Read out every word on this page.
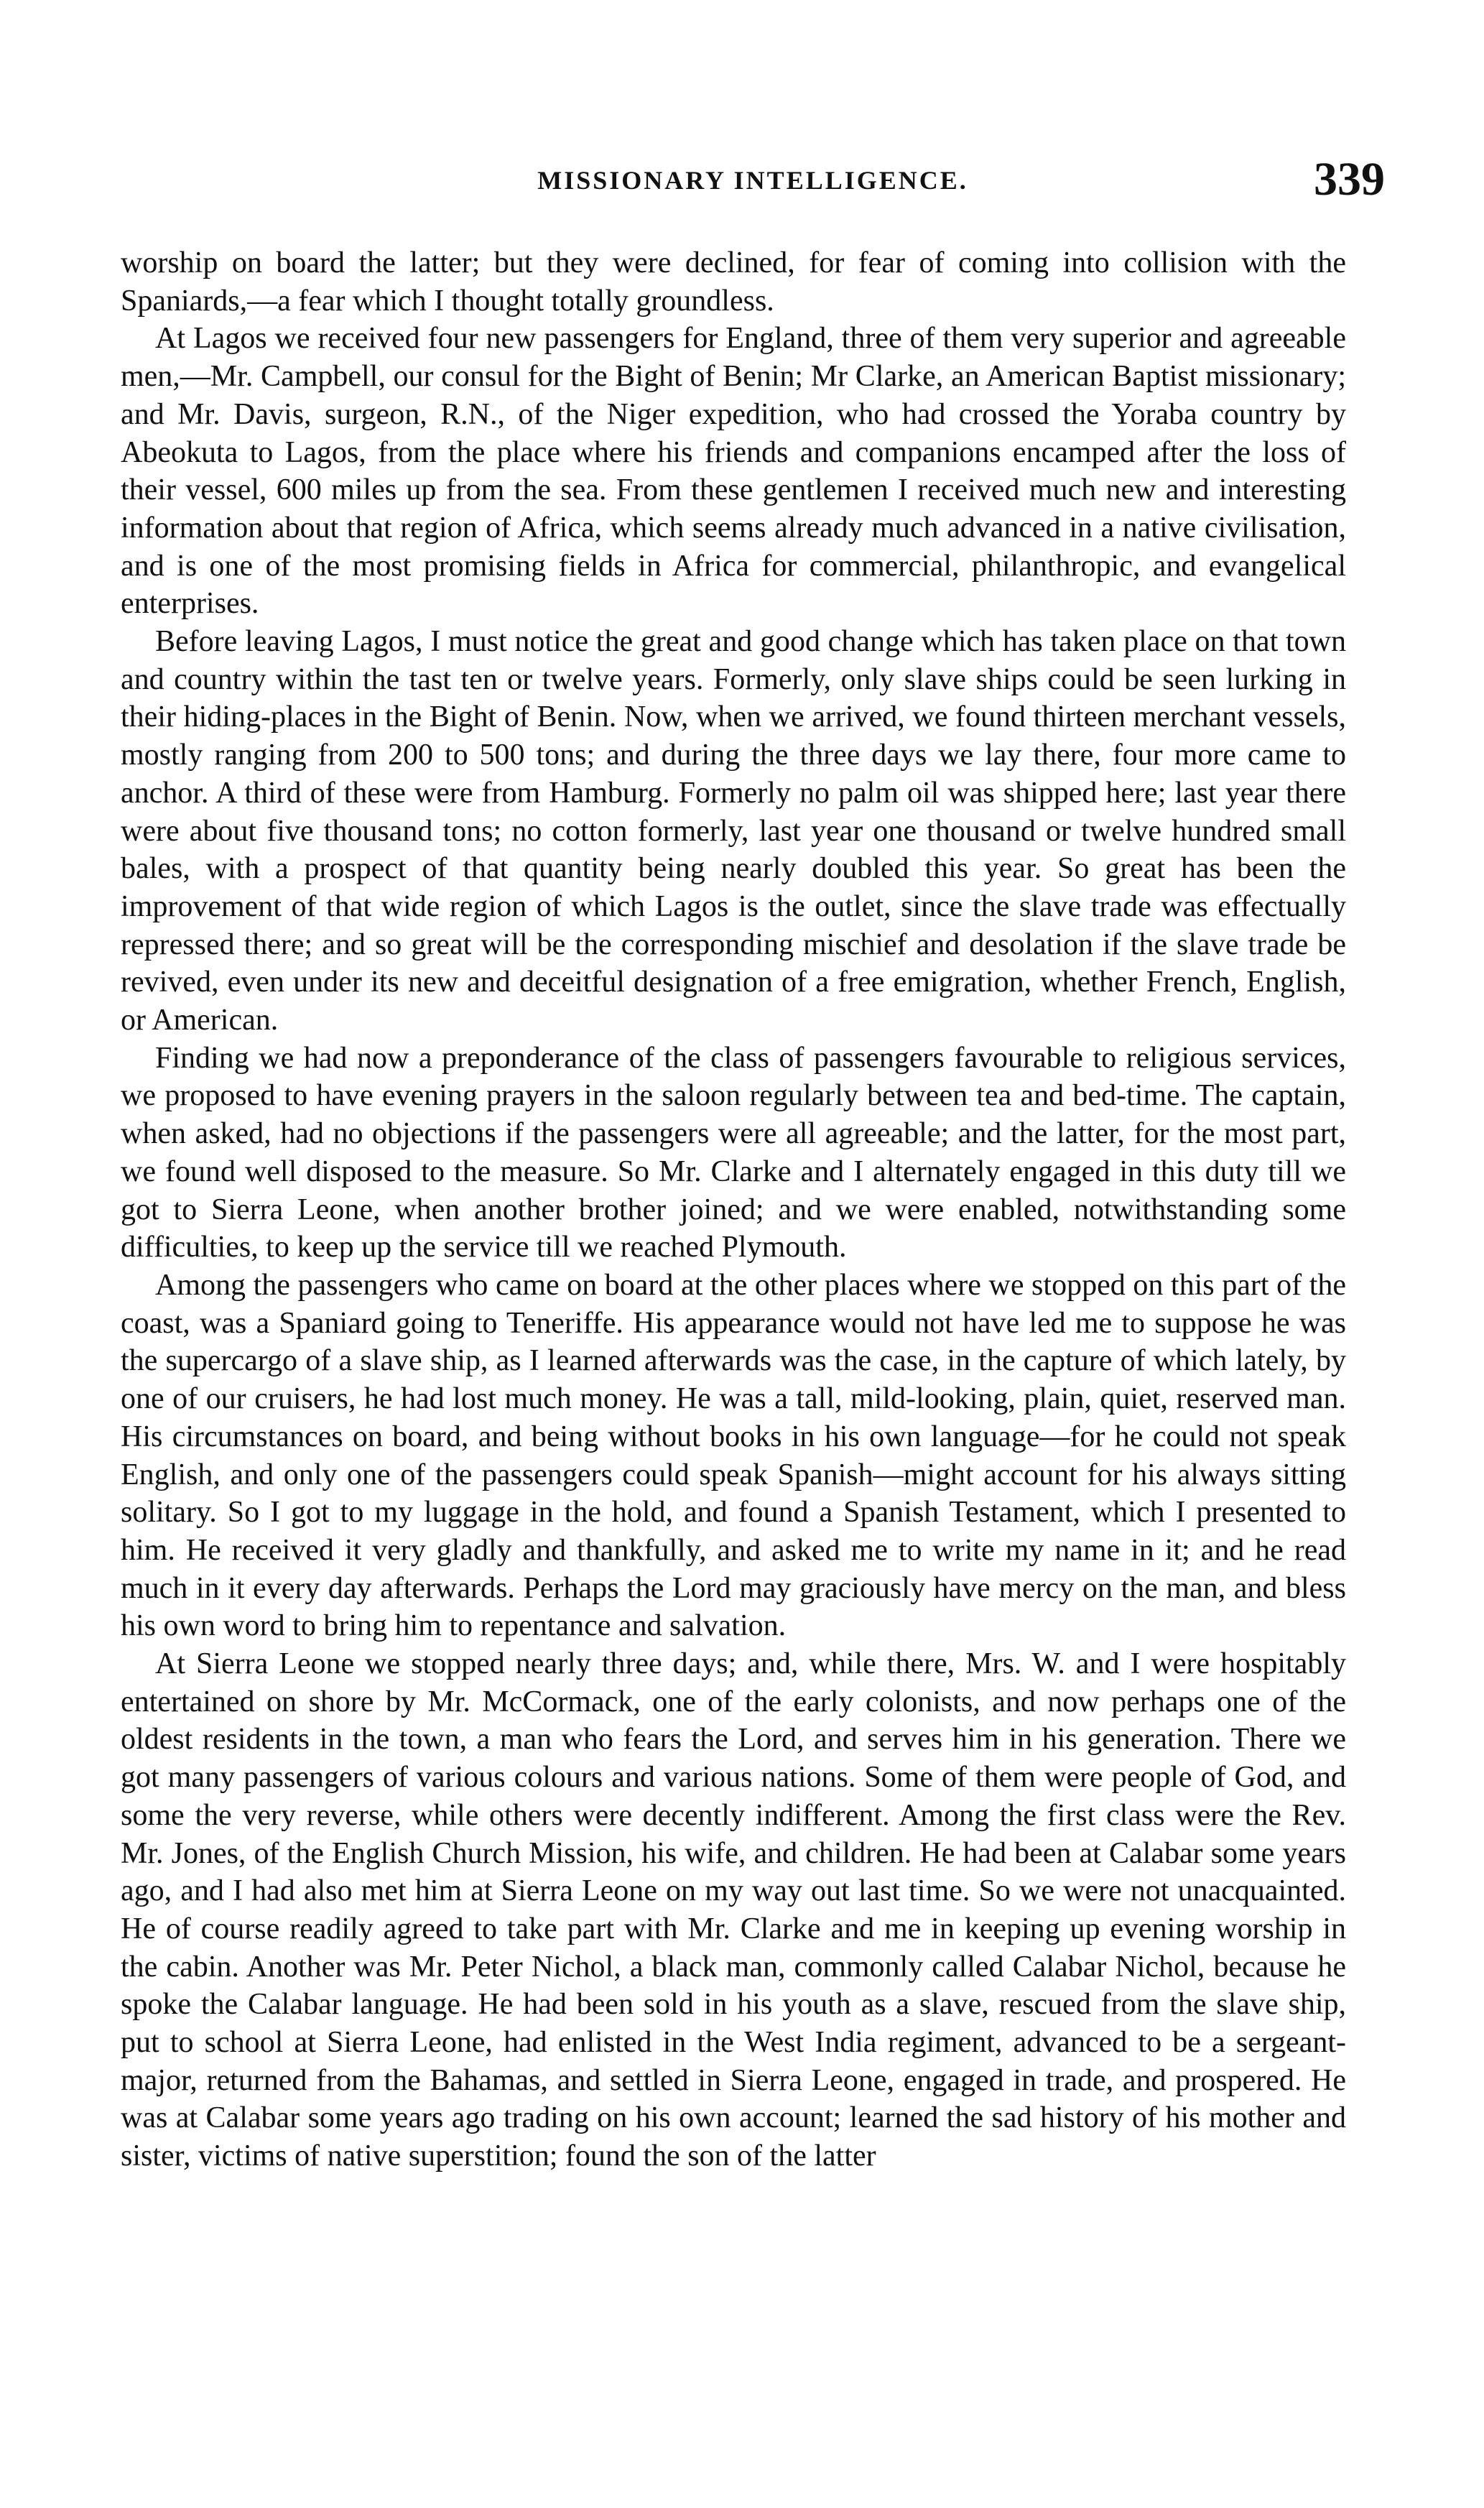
MISSIONARY INTELLIGENCE.	339

worship on board the latter; but they were declined, for fear of coming into collision with the Spaniards,—a fear which I thought totally groundless.

At Lagos we received four new passengers for England, three of them very superior and agreeable men,—Mr. Campbell, our consul for the Bight of Benin; Mr Clarke, an American Baptist missionary; and Mr. Davis, surgeon, R.N., of the Niger expedition, who had crossed the Yoraba country by Abeokuta to Lagos, from the place where his friends and companions encamped after the loss of their vessel, 600 miles up from the sea. From these gentlemen I received much new and interesting information about that region of Africa, which seems already much advanced in a native civilisation, and is one of the most promising fields in Africa for commercial, philanthropic, and evangelical enterprises.

Before leaving Lagos, I must notice the great and good change which has taken place on that town and country within the tast ten or twelve years. Formerly, only slave ships could be seen lurking in their hiding-places in the Bight of Benin. Now, when we arrived, we found thirteen merchant vessels, mostly ranging from 200 to 500 tons; and during the three days we lay there, four more came to anchor. A third of these were from Hamburg. Formerly no palm oil was shipped here; last year there were about five thousand tons; no cotton formerly, last year one thousand or twelve hundred small bales, with a prospect of that quantity being nearly doubled this year. So great has been the improvement of that wide region of which Lagos is the outlet, since the slave trade was effectually repressed there; and so great will be the corresponding mischief and desolation if the slave trade be revived, even under its new and deceitful designation of a free emigration, whether French, English, or American.

Finding we had now a preponderance of the class of passengers favourable to religious services, we proposed to have evening prayers in the saloon regularly between tea and bed-time. The captain, when asked, had no objections if the passengers were all agreeable; and the latter, for the most part, we found well disposed to the measure. So Mr. Clarke and I alternately engaged in this duty till we got to Sierra Leone, when another brother joined; and we were enabled, notwithstanding some difficulties, to keep up the service till we reached Plymouth.

Among the passengers who came on board at the other places where we stopped on this part of the coast, was a Spaniard going to Teneriffe. His appearance would not have led me to suppose he was the supercargo of a slave ship, as I learned afterwards was the case, in the capture of which lately, by one of our cruisers, he had lost much money. He was a tall, mild-looking, plain, quiet, reserved man. His circumstances on board, and being without books in his own language—for he could not speak English, and only one of the passengers could speak Spanish—might account for his always sitting solitary. So I got to my luggage in the hold, and found a Spanish Testament, which I presented to him. He received it very gladly and thankfully, and asked me to write my name in it; and he read much in it every day afterwards. Perhaps the Lord may graciously have mercy on the man, and bless his own word to bring him to repentance and salvation.

At Sierra Leone we stopped nearly three days; and, while there, Mrs. W. and I were hospitably entertained on shore by Mr. McCormack, one of the early colonists, and now perhaps one of the oldest residents in the town, a man who fears the Lord, and serves him in his generation. There we got many passengers of various colours and various nations. Some of them were people of God, and some the very reverse, while others were decently indifferent. Among the first class were the Rev. Mr. Jones, of the English Church Mission, his wife, and children. He had been at Calabar some years ago, and I had also met him at Sierra Leone on my way out last time. So we were not unacquainted. He of course readily agreed to take part with Mr. Clarke and me in keeping up evening worship in the cabin. Another was Mr. Peter Nichol, a black man, commonly called Calabar Nichol, because he spoke the Calabar language. He had been sold in his youth as a slave, rescued from the slave ship, put to school at Sierra Leone, had enlisted in the West India regiment, advanced to be a sergeant-major, returned from the Bahamas, and settled in Sierra Leone, engaged in trade, and prospered. He was at Calabar some years ago trading on his own account; learned the sad history of his mother and sister, victims of native superstition; found the son of the latter
